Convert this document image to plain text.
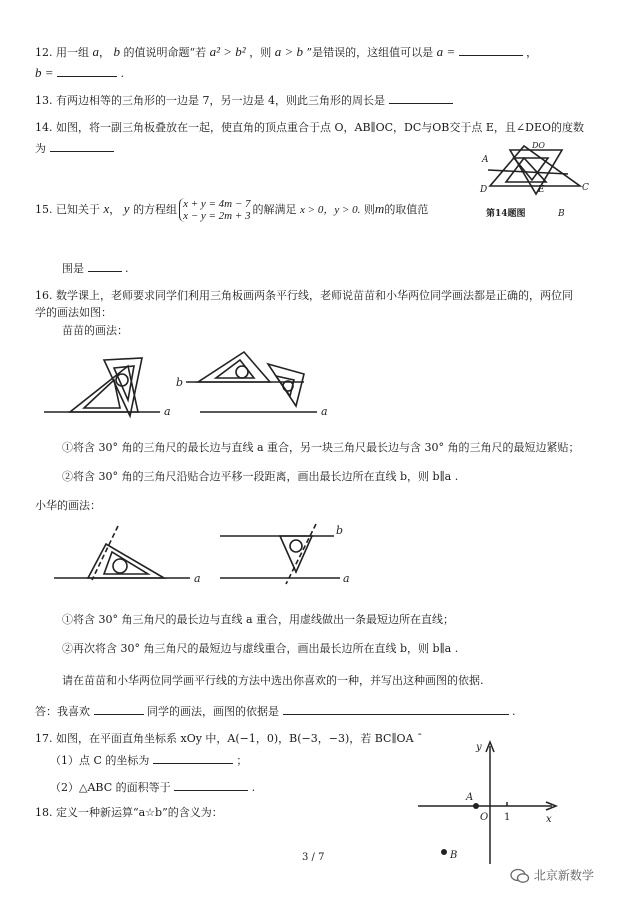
12. 用一组 a， b 的值说明命题“若 a² > b² ，则 a > b ”是错误的，这组值可以是 a =	，
b =	.
13. 有两边相等的三角形的一边是 7，另一边是 4，则此三角形的周长是
14. 如图，将一副三角板叠放在一起，使直角的顶点重合于点 O，AB∥OC，DC与OB交于点 E，且∠DEO的度数
为
A
D	E	C
DO
B
第14题图
15. 已知关于 x， y 的方程组 x + y = 4m − 7
x − y = 2m + 3 的解满足 x > 0，y > 0. 则m的取值范
围是	.
16. 数学课上，老师要求同学们利用三角板画两条平行线，老师说苗苗和小华两位同学画法都是正确的，两位同
学的画法如图：
苗苗的画法：
a
b
a
①将含 30° 角的三角尺的最长边与直线 a 重合，另一块三角尺最长边与含 30° 角的三角尺的最短边紧贴；
②将含 30° 角的三角尺沿贴合边平移一段距离，画出最长边所在直线 b，则 b∥a .
小华的画法：
a
b
a
①将含 30° 角三角尺的最长边与直线 a 重合，用虚线做出一条最短边所在直线；
②再次将含 30° 角三角尺的最短边与虚线重合，画出最长边所在直线 b，则 b∥a .
请在苗苗和小华两位同学画平行线的方法中选出你喜欢的一种，并写出这种画图的依据.
答：我喜欢	同学的画法，画图的依据是	.
17. 如图，在平面直角坐标系 xOy 中，A(−1，0)，B(−3，−3)，若 BC∥OA ¯
（1）点 C 的坐标为	；
（2）△ABC 的面积等于	.
y
x
A
O 1
B
18. 定义一种新运算“a☆b”的含义为：
3 / 7
北京新数学
